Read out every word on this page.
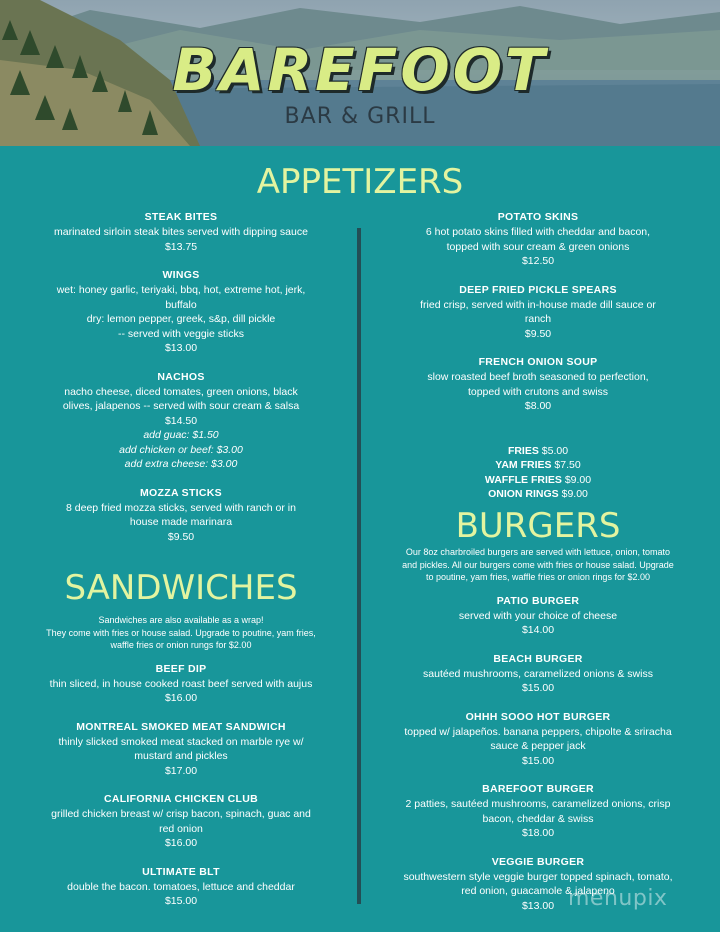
BAREFOOT
BAR & GRILL
APPETIZERS
STEAK BITES
marinated sirloin steak bites served with dipping sauce
$13.75
WINGS
wet: honey garlic, teriyaki, bbq, hot, extreme hot, jerk,
buffalo
dry: lemon pepper, greek, s&p, dill pickle
-- served with veggie sticks
$13.00
NACHOS
nacho cheese, diced tomates, green onions, black
olives, jalapenos -- served with sour cream & salsa
$14.50
add guac: $1.50
add chicken or beef: $3.00
add extra cheese: $3.00
MOZZA STICKS
8 deep fried mozza sticks, served with ranch or in
house made marinara
$9.50
POTATO SKINS
6 hot potato skins filled with cheddar and bacon,
topped with sour cream & green onions
$12.50
DEEP FRIED PICKLE SPEARS
fried crisp, served with in-house made dill sauce or
ranch
$9.50
FRENCH ONION SOUP
slow roasted beef broth seasoned to perfection,
topped with crutons and swiss
$8.00
FRIES $5.00
YAM FRIES $7.50
WAFFLE FRIES $9.00
ONION RINGS $9.00
SANDWICHES
Sandwiches are also available as a wrap!
They come with fries or house salad. Upgrade to poutine, yam fries,
waffle fries or onion rungs for $2.00
BEEF DIP
thin sliced, in house cooked roast beef served with aujus
$16.00
MONTREAL SMOKED MEAT SANDWICH
thinly slicked smoked meat stacked on marble rye w/
mustard and pickles
$17.00
CALIFORNIA CHICKEN CLUB
grilled chicken breast w/ crisp bacon, spinach, guac and
red onion
$16.00
ULTIMATE BLT
double the bacon. tomatoes, lettuce and cheddar
$15.00
BURGERS
Our 8oz charbroiled burgers are served with lettuce, onion, tomato
and pickles. All our burgers come with fries or house salad. Upgrade
to poutine, yam fries, waffle fries or onion rings for $2.00
PATIO BURGER
served with your choice of cheese
$14.00
BEACH BURGER
sautéed mushrooms, caramelized onions & swiss
$15.00
OHHH SOOO HOT BURGER
topped w/ jalapeños. banana peppers, chipolte & sriracha
sauce & pepper jack
$15.00
BAREFOOT BURGER
2 patties, sautéed mushrooms, caramelized onions, crisp
bacon, cheddar & swiss
$18.00
VEGGIE BURGER
southwestern style veggie burger topped spinach, tomato,
red onion, guacamole & jalapeno
$13.00 menupix
